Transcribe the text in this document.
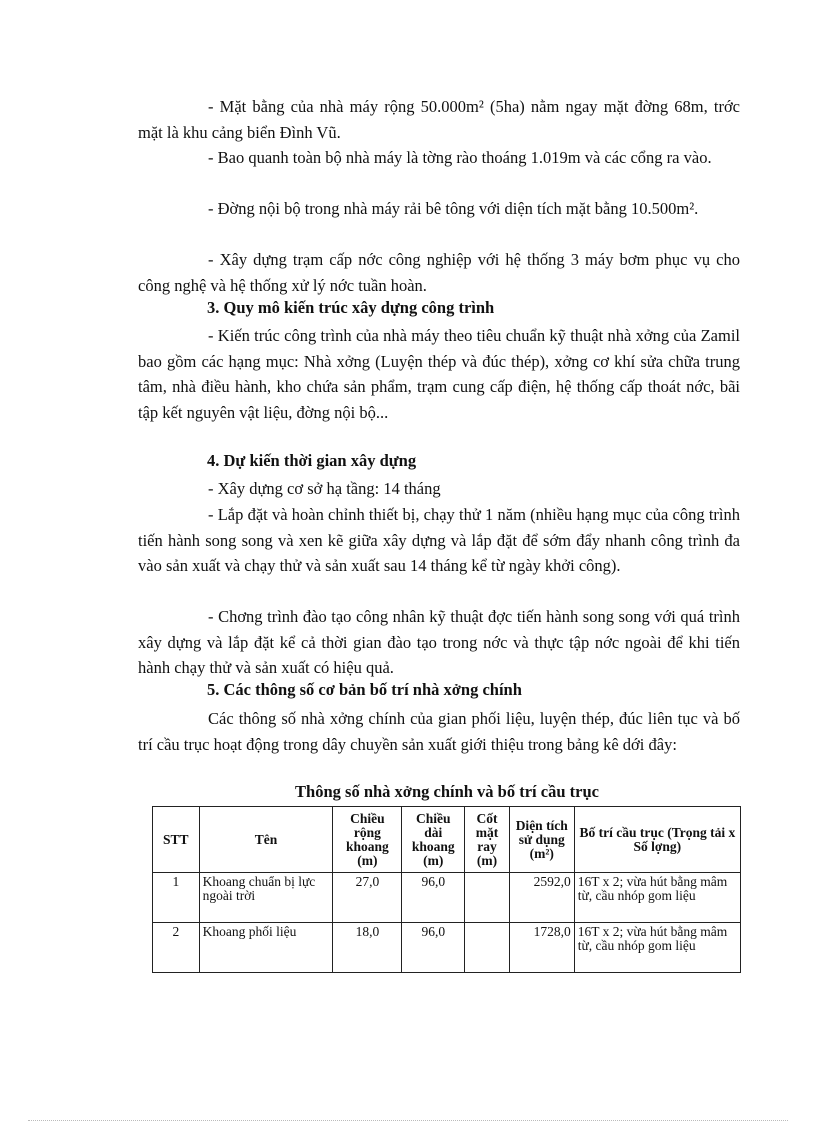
- Mặt bằng của nhà máy rộng 50.000m² (5ha) nằm ngay mặt đờng 68m, trớc mặt là khu cảng biển Đình Vũ.

- Bao quanh toàn bộ nhà máy là tờng rào thoáng 1.019m và các cổng ra vào.

- Đờng nội bộ trong nhà máy rải bê tông với diện tích mặt bằng 10.500m².

- Xây dựng trạm cấp nớc công nghiệp với hệ thống 3 máy bơm phục vụ cho công nghệ và hệ thống xử lý nớc tuần hoàn.

3. Quy mô kiến trúc xây dựng công trình

- Kiến trúc công trình của nhà máy theo tiêu chuẩn kỹ thuật nhà xởng của Zamil bao gồm các hạng mục: Nhà xởng (Luyện thép và đúc thép), xởng cơ khí sửa chữa trung tâm, nhà điều hành, kho chứa sản phẩm, trạm cung cấp điện, hệ thống cấp thoát nớc, bãi tập kết nguyên vật liệu, đờng nội bộ...

4. Dự kiến thời gian xây dựng

- Xây dựng cơ sở hạ tầng: 14 tháng

- Lắp đặt và hoàn chỉnh thiết bị, chạy thử 1 năm (nhiều hạng mục của công trình tiến hành song song và xen kẽ giữa xây dựng và lắp đặt để sớm đẩy nhanh công trình đa vào sản xuất và chạy thử và sản xuất sau 14 tháng kể từ ngày khởi công).

- Chơng trình đào tạo công nhân kỹ thuật đợc tiến hành song song với quá trình xây dựng và lắp đặt kể cả thời gian đào tạo trong nớc và thực tập nớc ngoài để khi tiến hành chạy thử và sản xuất có hiệu quả.

5. Các thông số cơ bản bố trí nhà xởng chính

Các thông số nhà xởng chính của gian phối liệu, luyện thép, đúc liên tục và bố trí cầu trục hoạt động trong dây chuyền sản xuất giới thiệu trong bảng kê dới đây:

Thông số nhà xởng chính và bố trí cầu trục

STT	Tên	Chiều rộng khoang (m)	Chiều dài khoang (m)	Cốt mặt ray (m)	Diện tích sử dụng (m²)	Bố trí cầu trục (Trọng tải x Số lợng)
1	Khoang chuẩn bị lực ngoài trời	27,0	96,0		2592,0	16T x 2; vừa hút bằng mâm từ, cầu nhóp gom liệu
2	Khoang phối liệu	18,0	96,0		1728,0	16T x 2; vừa hút bằng mâm từ, cầu nhóp gom liệu
